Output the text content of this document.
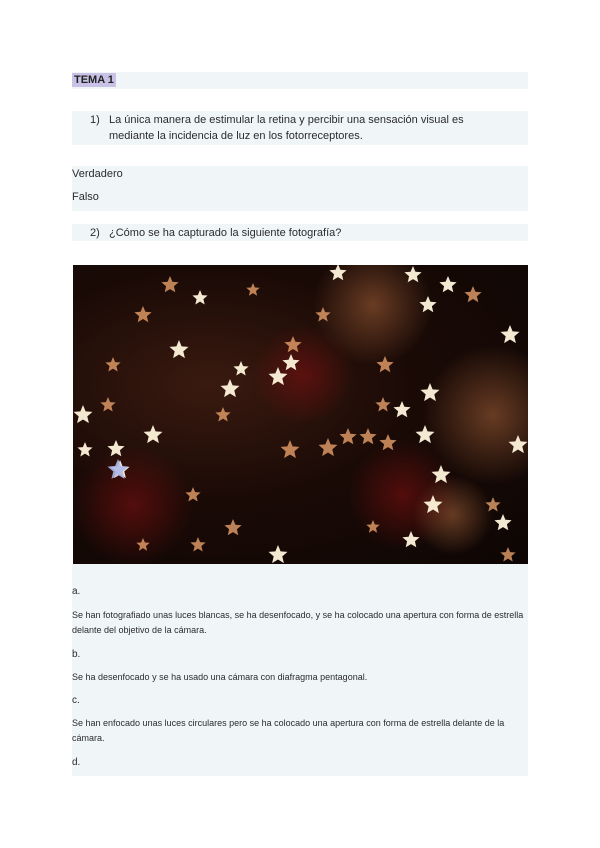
TEMA 1
1) La única manera de estimular la retina y percibir una sensación visual es mediante la incidencia de luz en los fotorreceptores.
Verdadero
Falso
2) ¿Cómo se ha capturado la siguiente fotografía?
a.
Se han fotografiado unas luces blancas, se ha desenfocado, y se ha colocado una apertura con forma de estrella delante del objetivo de la cámara.
b.
Se ha desenfocado y se ha usado una cámara con diafragma pentagonal.
c.
Se han enfocado unas luces circulares pero se ha colocado una apertura con forma de estrella delante de la cámara.
d.
